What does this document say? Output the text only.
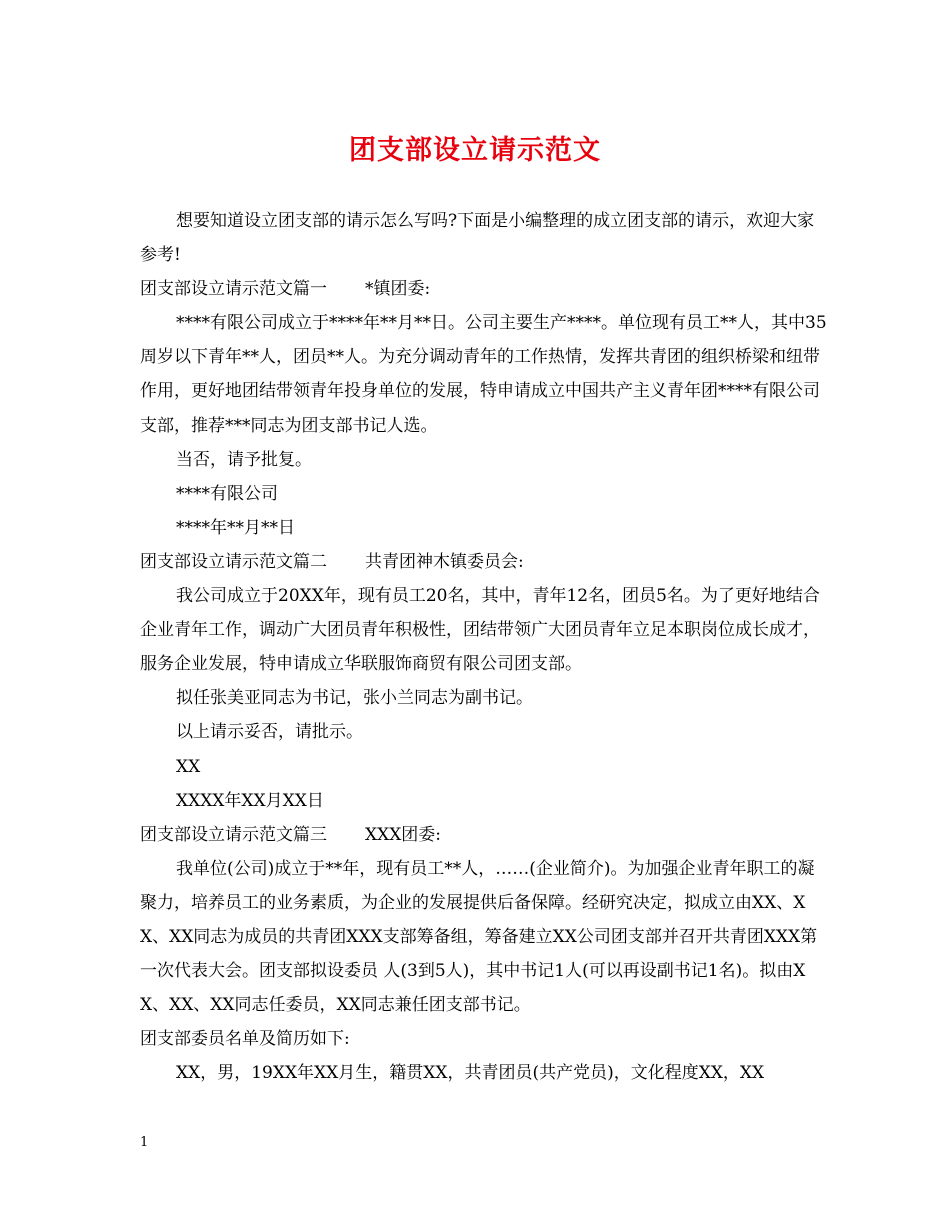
团支部设立请示范文

想要知道设立团支部的请示怎么写吗?下面是小编整理的成立团支部的请示，欢迎大家参考!

团支部设立请示范文篇一 *镇团委:

****有限公司成立于****年**月**日。公司主要生产****。单位现有员工**人，其中35周岁以下青年**人，团员**人。为充分调动青年的工作热情，发挥共青团的组织桥梁和纽带作用，更好地团结带领青年投身单位的发展，特申请成立中国共产主义青年团****有限公司支部，推荐***同志为团支部书记人选。

当否，请予批复。

****有限公司

****年**月**日

团支部设立请示范文篇二 共青团神木镇委员会:

我公司成立于20XX年，现有员工20名，其中，青年12名，团员5名。为了更好地结合企业青年工作，调动广大团员青年积极性，团结带领广大团员青年立足本职岗位成长成才，服务企业发展，特申请成立华联服饰商贸有限公司团支部。

拟任张美亚同志为书记，张小兰同志为副书记。

以上请示妥否，请批示。

XX

XXXX年XX月XX日

团支部设立请示范文篇三 XXX团委:

我单位(公司)成立于**年，现有员工**人，……(企业简介)。为加强企业青年职工的凝聚力，培养员工的业务素质，为企业的发展提供后备保障。经研究决定，拟成立由XX、XX、XX同志为成员的共青团XXX支部筹备组，筹备建立XX公司团支部并召开共青团XXX第一次代表大会。团支部拟设委员 人(3到5人)，其中书记1人(可以再设副书记1名)。拟由XX、XX、XX同志任委员，XX同志兼任团支部书记。

团支部委员名单及简历如下:

XX，男，19XX年XX月生，籍贯XX，共青团员(共产党员)，文化程度XX，XX

1
